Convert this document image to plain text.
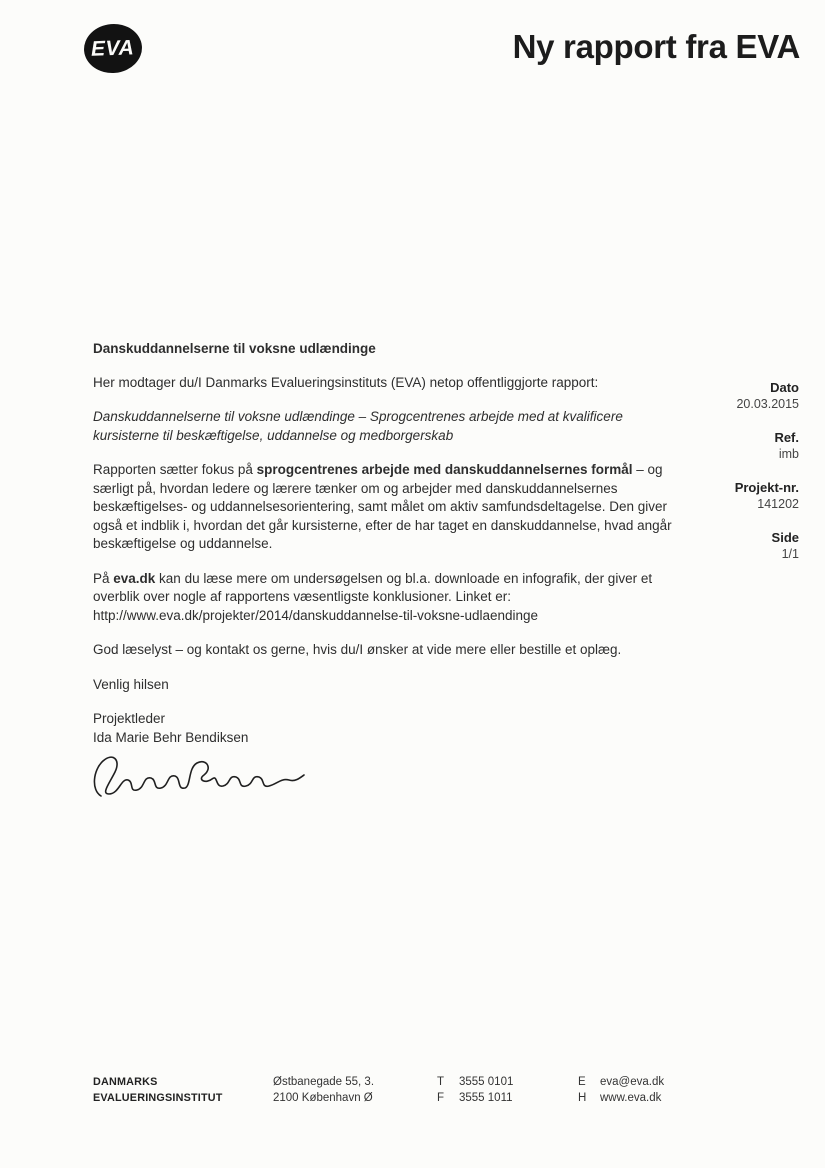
EVA	Ny rapport fra EVA
Dato
20.03.2015
Ref.
imb
Projekt-nr.
141202
Side
1/1

Danskuddannelserne til voksne udlændinge

Her modtager du/I Danmarks Evalueringsinstituts (EVA) netop offentliggjorte rapport:

Danskuddannelserne til voksne udlændinge – Sprogcentrenes arbejde med at kvalificere kursisterne til beskæftigelse, uddannelse og medborgerskab

Rapporten sætter fokus på sprogcentrenes arbejde med danskuddannelsernes formål – og særligt på, hvordan ledere og lærere tænker om og arbejder med danskuddannelsernes beskæftigelses- og uddannelsesorientering, samt målet om aktiv samfundsdeltagelse. Den giver også et indblik i, hvordan det går kursisterne, efter de har taget en danskuddannelse, hvad angår beskæftigelse og uddannelse.

På eva.dk kan du læse mere om undersøgelsen og bl.a. downloade en infografik, der giver et overblik over nogle af rapportens væsentligste konklusioner. Linket er:
http://www.eva.dk/projekter/2014/danskuddannelse-til-voksne-udlaendinge

God læselyst – og kontakt os gerne, hvis du/I ønsker at vide mere eller bestille et oplæg.

Venlig hilsen

Projektleder
Ida Marie Behr Bendiksen

DANMARKS
EVALUERINGSINSTITUT
Østbanegade 55, 3.
2100 København Ø
T 3555 0101
F 3555 1011
E eva@eva.dk
H www.eva.dk
